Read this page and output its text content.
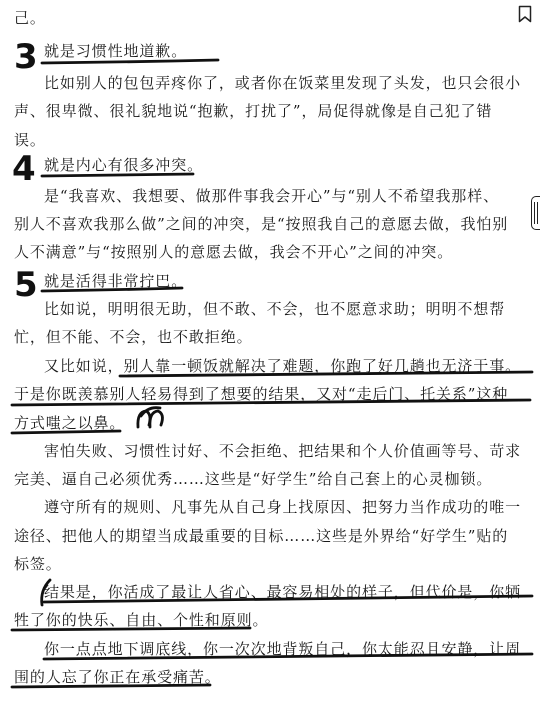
己。
就是习惯性地道歉。
比如别人的包包弄疼你了，或者你在饭菜里发现了头发，也只会很小
声、很卑微、很礼貌地说“抱歉，打扰了”，局促得就像是自己犯了错
误。
就是内心有很多冲突。
是“我喜欢、我想要、做那件事我会开心”与“别人不希望我那样、
别人不喜欢我那么做”之间的冲突，是“按照我自己的意愿去做，我怕别
人不满意”与“按照别人的意愿去做，我会不开心”之间的冲突。
就是活得非常拧巴。
比如说，明明很无助，但不敢、不会，也不愿意求助；明明不想帮
忙，但不能、不会，也不敢拒绝。
又比如说，别人靠一顿饭就解决了难题，你跑了好几趟也无济于事。
于是你既羡慕别人轻易得到了想要的结果，又对“走后门、托关系”这种
方式嗤之以鼻。
害怕失败、习惯性讨好、不会拒绝、把结果和个人价值画等号、苛求
完美、逼自己必须优秀……这些是“好学生”给自己套上的心灵枷锁。
遵守所有的规则、凡事先从自己身上找原因、把努力当作成功的唯一
途径、把他人的期望当成最重要的目标……这些是外界给“好学生”贴的
标签。
结果是，你活成了最让人省心、最容易相处的样子，但代价是，你牺
牲了你的快乐、自由、个性和原则。
你一点点地下调底线，你一次次地背叛自己，你太能忍且安静，让周
围的人忘了你正在承受痛苦。
3
4
5
